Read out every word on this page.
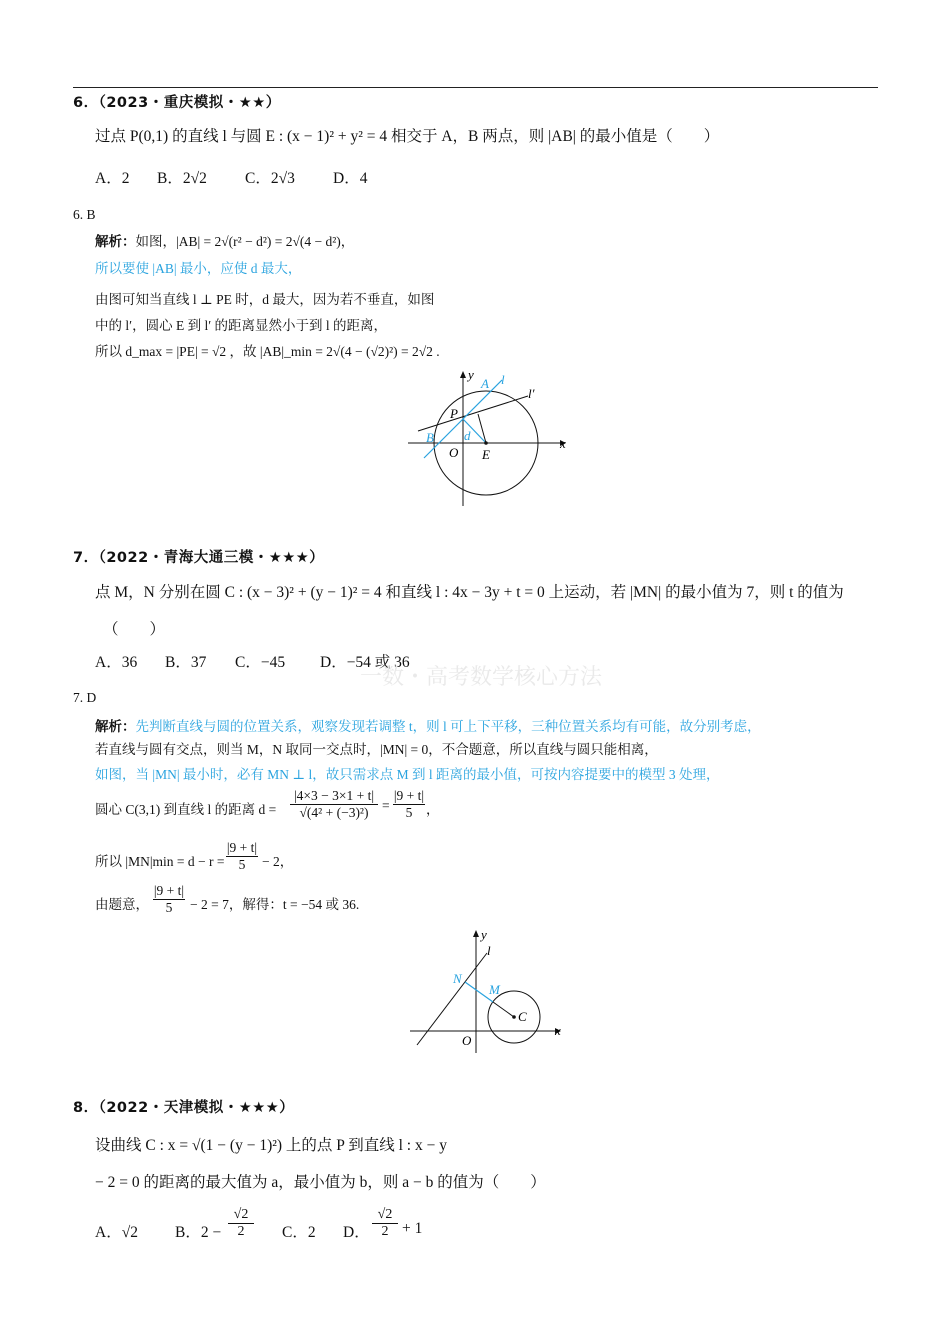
6．（2023・重庆模拟・★★）
过点 P(0,1) 的直线 l 与圆 E : (x − 1)² + y² = 4 相交于 A，B 两点，则 |AB| 的最小值是（　　）
A．2 B．2√2 C．2√3 D．4
6. B
解析：如图，|AB| = 2√(r² − d²) = 2√(4 − d²)，
所以要使 |AB| 最小，应使 d 最大，
由图可知当直线 l ⊥ PE 时，d 最大，因为若不垂直，如图
中的 l′，圆心 E 到 l′ 的距离显然小于到 l 的距离，
所以 d_max = |PE| = √2 ，故 |AB|_min = 2√(4 − (√2)²) = 2√2 .
y
x
A l
l′
P
B d
O E
7．（2022・青海大通三模・★★★）
点 M，N 分别在圆 C : (x − 3)² + (y − 1)² = 4 和直线 l : 4x − 3y + t = 0 上运动，若 |MN| 的最小值为 7，则 t 的值为
（　　）
A．36 B．37 C．−45 D．−54 或 36
一数・高考数学核心方法
7. D
解析：先判断直线与圆的位置关系，观察发现若调整 t，则 l 可上下平移，三种位置关系均有可能，故分别考虑，
若直线与圆有交点，则当 M，N 取同一交点时，|MN| = 0，不合题意，所以直线与圆只能相离，
如图，当 |MN| 最小时，必有 MN ⊥ l，故只需求点 M 到 l 距离的最小值，可按内容提要中的模型 3 处理，
圆心 C(3,1) 到直线 l 的距离 $d = \frac{|4\times 3 - 3\times 1 + t|}{\text{√(4² + (−3)²)}} = \frac{|9 + t|}{5}$ ，
所以 $|MN|\min = d - r = \frac{|9 + t|}{5} - 2$，
由题意， $\frac{|9 + t|}{5} - 2 = 7$，解得：t = −54 或 36.
y
l
N
M
C
x
O
8．（2022・天津模拟・★★★）
设曲线 C : x = √(1 − (y − 1)²) 上的点 P 到直线 l : x − y
− 2 = 0 的距离的最大值为 a，最小值为 b，则 a − b 的值为（　　）
A．√2 B．$2 - \frac{√2}{2}$ C．2 D． $\frac{√2}{2} + 1$
